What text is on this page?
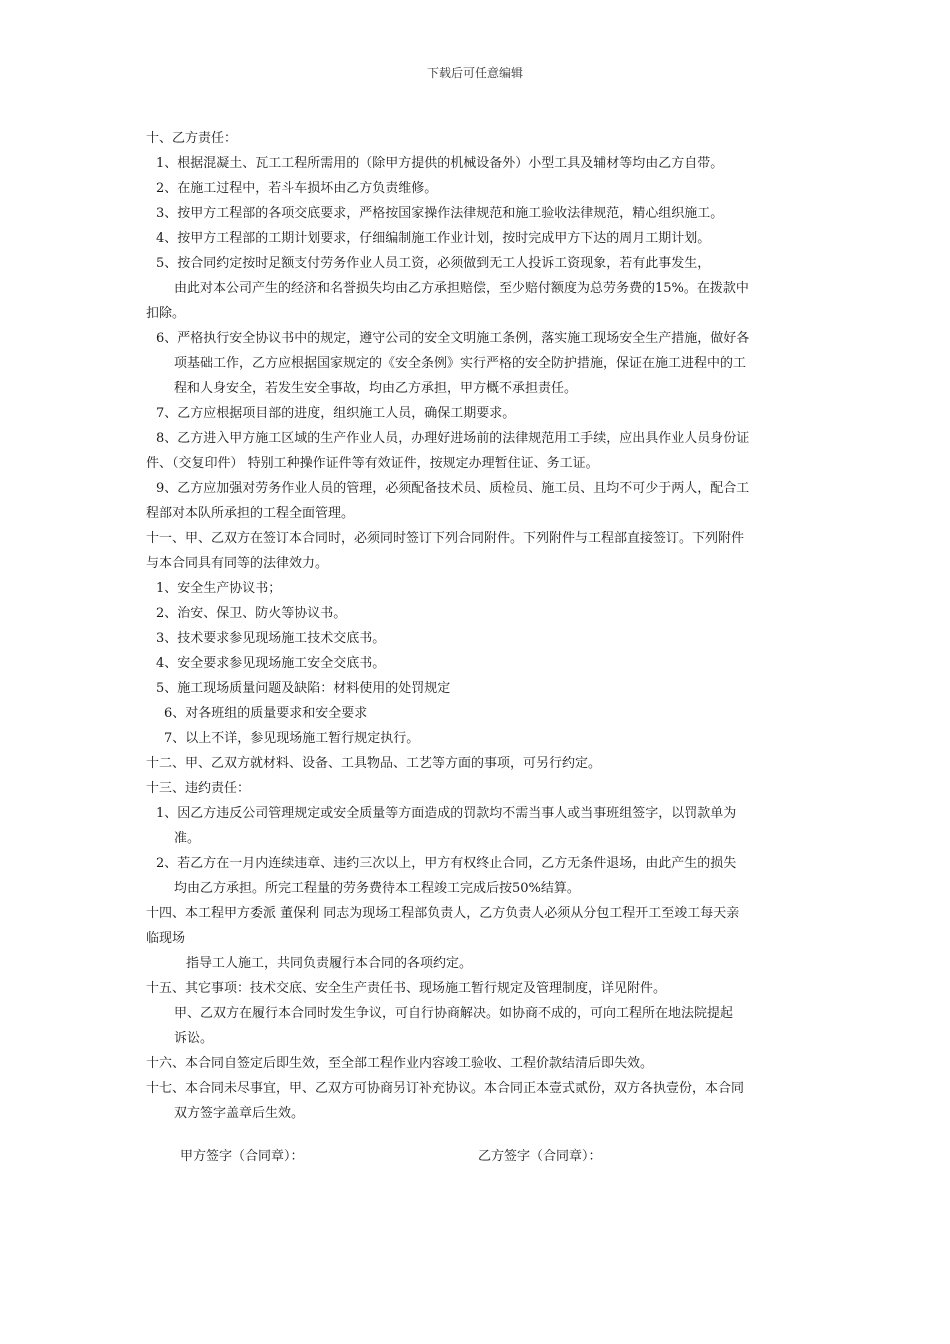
下载后可任意编辑
十、乙方责任：
1、根据混凝土、瓦工工程所需用的（除甲方提供的机械设备外）小型工具及辅材等均由乙方自带。
2、在施工过程中，若斗车损坏由乙方负责维修。
3、按甲方工程部的各项交底要求，严格按国家操作法律规范和施工验收法律规范，精心组织施工。
4、按甲方工程部的工期计划要求，仔细编制施工作业计划，按时完成甲方下达的周月工期计划。
5、按合同约定按时足额支付劳务作业人员工资，必须做到无工人投诉工资现象，若有此事发生，
由此对本公司产生的经济和名誉损失均由乙方承担赔偿，至少赔付额度为总劳务费的15%。在拨款中
扣除。
6、严格执行安全协议书中的规定，遵守公司的安全文明施工条例，落实施工现场安全生产措施，做好各
项基础工作，乙方应根据国家规定的《安全条例》实行严格的安全防护措施，保证在施工进程中的工
程和人身安全，若发生安全事故，均由乙方承担，甲方概不承担责任。
7、乙方应根据项目部的进度，组织施工人员，确保工期要求。
8、乙方进入甲方施工区域的生产作业人员，办理好进场前的法律规范用工手续，应出具作业人员身份证
件、（交复印件） 特别工种操作证件等有效证件，按规定办理暂住证、务工证。
9、乙方应加强对劳务作业人员的管理，必须配备技术员、质检员、施工员、且均不可少于两人，配合工
程部对本队所承担的工程全面管理。
十一、甲、乙双方在签订本合同时，必须同时签订下列合同附件。下列附件与工程部直接签订。下列附件
与本合同具有同等的法律效力。
1、安全生产协议书；
2、治安、保卫、防火等协议书。
3、技术要求参见现场施工技术交底书。
4、安全要求参见现场施工安全交底书。
5、施工现场质量问题及缺陷：材料使用的处罚规定
6、对各班组的质量要求和安全要求
7、以上不详，参见现场施工暂行规定执行。
十二、甲、乙双方就材料、设备、工具物品、工艺等方面的事项，可另行约定。
十三、违约责任：
1、因乙方违反公司管理规定或安全质量等方面造成的罚款均不需当事人或当事班组签字，以罚款单为
准。
2、若乙方在一月内连续违章、违约三次以上，甲方有权终止合同，乙方无条件退场，由此产生的损失
均由乙方承担。所完工程量的劳务费待本工程竣工完成后按50%结算。
十四、本工程甲方委派 董保利 同志为现场工程部负责人，乙方负责人必须从分包工程开工至竣工每天亲
临现场
指导工人施工，共同负责履行本合同的各项约定。
十五、其它事项：技术交底、安全生产责任书、现场施工暂行规定及管理制度，详见附件。
甲、乙双方在履行本合同时发生争议，可自行协商解决。如协商不成的，可向工程所在地法院提起
诉讼。
十六、本合同自签定后即生效，至全部工程作业内容竣工验收、工程价款结清后即失效。
十七、本合同未尽事宜，甲、乙双方可协商另订补充协议。本合同正本壹式贰份，双方各执壹份，本合同
双方签字盖章后生效。
甲方签字（合同章）：	乙方签字（合同章）：
